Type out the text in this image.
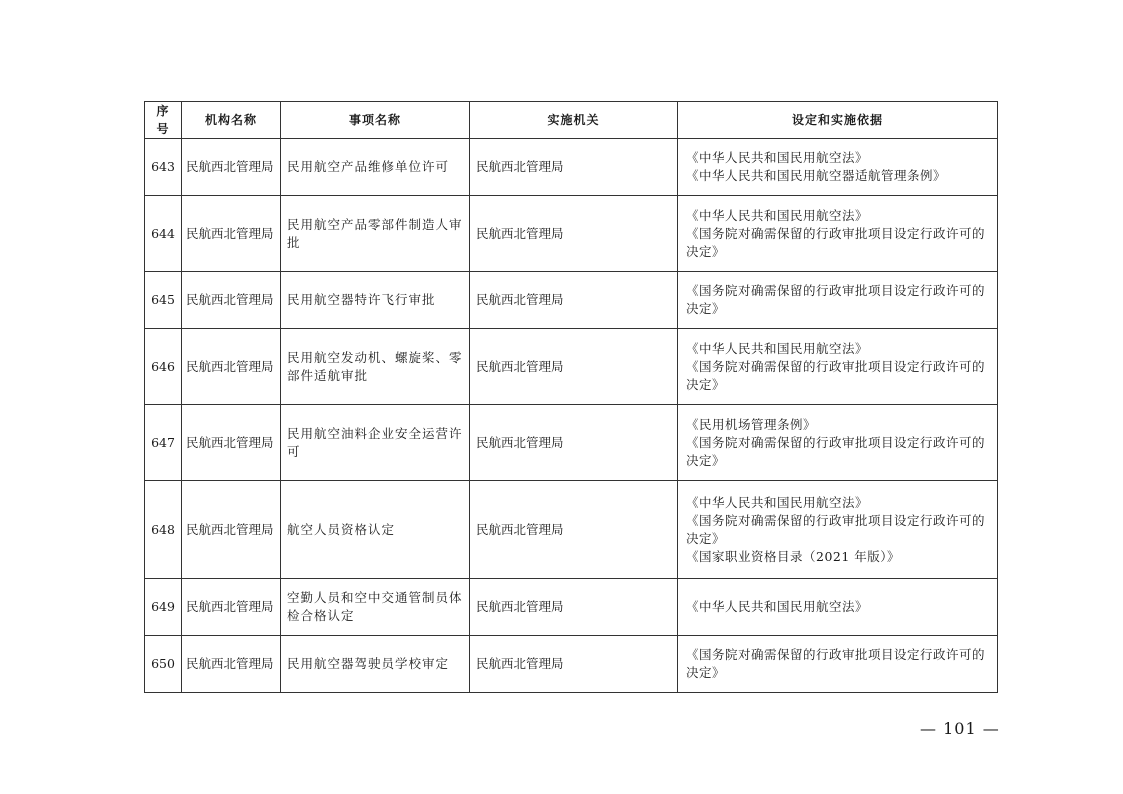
序号	机构名称	事项名称	实施机关	设定和实施依据
643	民航西北管理局	民用航空产品维修单位许可	民航西北管理局	《中华人民共和国民用航空法》
《中华人民共和国民用航空器适航管理条例》

644	民航西北管理局	民用航空产品零部件制造人审批	民航西北管理局	《中华人民共和国民用航空法》
《国务院对确需保留的行政审批项目设定行政许可的决定》

645	民航西北管理局	民用航空器特许飞行审批	民航西北管理局	《国务院对确需保留的行政审批项目设定行政许可的决定》

646	民航西北管理局	民用航空发动机、螺旋桨、零部件适航审批	民航西北管理局	《中华人民共和国民用航空法》
《国务院对确需保留的行政审批项目设定行政许可的决定》

647	民航西北管理局	民用航空油料企业安全运营许可	民航西北管理局	《民用机场管理条例》
《国务院对确需保留的行政审批项目设定行政许可的决定》

648	民航西北管理局	航空人员资格认定	民航西北管理局	《中华人民共和国民用航空法》
《国务院对确需保留的行政审批项目设定行政许可的决定》
《国家职业资格目录（2021 年版）》

649	民航西北管理局	空勤人员和空中交通管制员体检合格认定	民航西北管理局	《中华人民共和国民用航空法》

650	民航西北管理局	民用航空器驾驶员学校审定	民航西北管理局	《国务院对确需保留的行政审批项目设定行政许可的决定》
— 101 —
